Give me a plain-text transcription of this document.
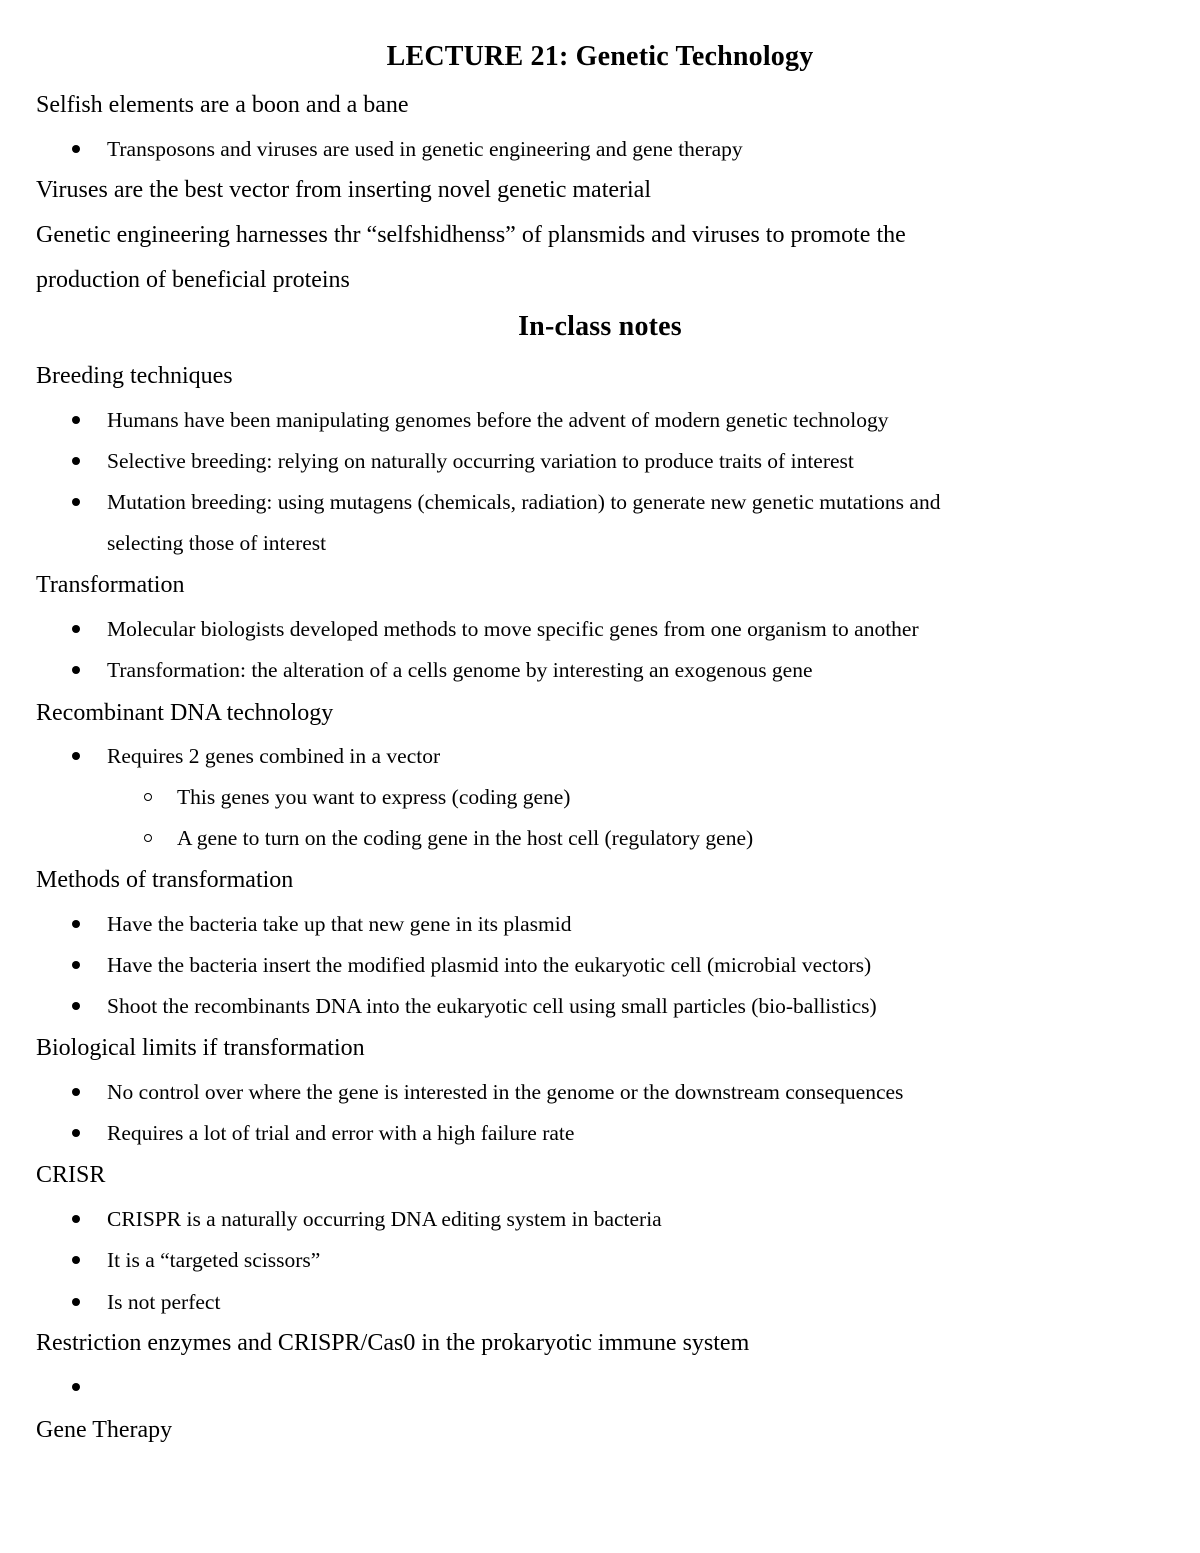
LECTURE 21: Genetic Technology
Selfish elements are a boon and a bane
Transposons and viruses are used in genetic engineering and gene therapy
Viruses are the best vector from inserting novel genetic material
Genetic engineering harnesses thr “selfshidhenss” of plansmids and viruses to promote the
production of beneficial proteins
In-class notes
Breeding techniques
Humans have been manipulating genomes before the advent of modern genetic technology
Selective breeding: relying on naturally occurring variation to produce traits of interest
Mutation breeding: using mutagens (chemicals, radiation) to generate new genetic mutations and
selecting those of interest
Transformation
Molecular biologists developed methods to move specific genes from one organism to another
Transformation: the alteration of a cells genome by interesting an exogenous gene
Recombinant DNA technology
Requires 2 genes combined in a vector
This genes you want to express (coding gene)
A gene to turn on the coding gene in the host cell (regulatory gene)
Methods of transformation
Have the bacteria take up that new gene in its plasmid
Have the bacteria insert the modified plasmid into the eukaryotic cell (microbial vectors)
Shoot the recombinants DNA into the eukaryotic cell using small particles (bio-ballistics)
Biological limits if transformation
No control over where the gene is interested in the genome or the downstream consequences
Requires a lot of trial and error with a high failure rate
CRISR
CRISPR is a naturally occurring DNA editing system in bacteria
It is a “targeted scissors”
Is not perfect
Restriction enzymes and CRISPR/Cas0 in the prokaryotic immune system
Gene Therapy
